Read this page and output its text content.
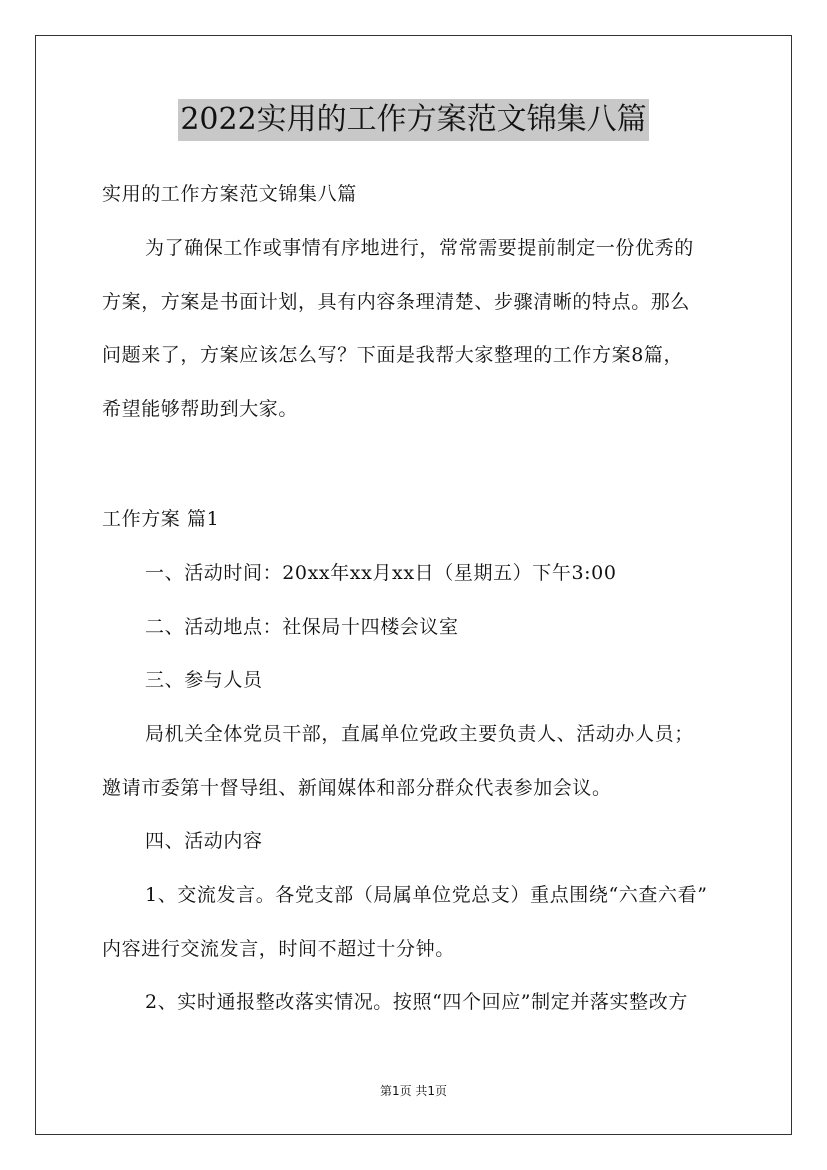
2022实用的工作方案范文锦集八篇
实用的工作方案范文锦集八篇
为了确保工作或事情有序地进行，常常需要提前制定一份优秀的
方案，方案是书面计划，具有内容条理清楚、步骤清晰的特点。那么
问题来了，方案应该怎么写？下面是我帮大家整理的工作方案8篇，
希望能够帮助到大家。
工作方案 篇1
一、活动时间：20xx年xx月xx日（星期五）下午3:00
二、活动地点：社保局十四楼会议室
三、参与人员
局机关全体党员干部，直属单位党政主要负责人、活动办人员；
邀请市委第十督导组、新闻媒体和部分群众代表参加会议。
四、活动内容
1、交流发言。各党支部（局属单位党总支）重点围绕“六查六看”
内容进行交流发言，时间不超过十分钟。
2、实时通报整改落实情况。按照“四个回应”制定并落实整改方
第1页 共1页
